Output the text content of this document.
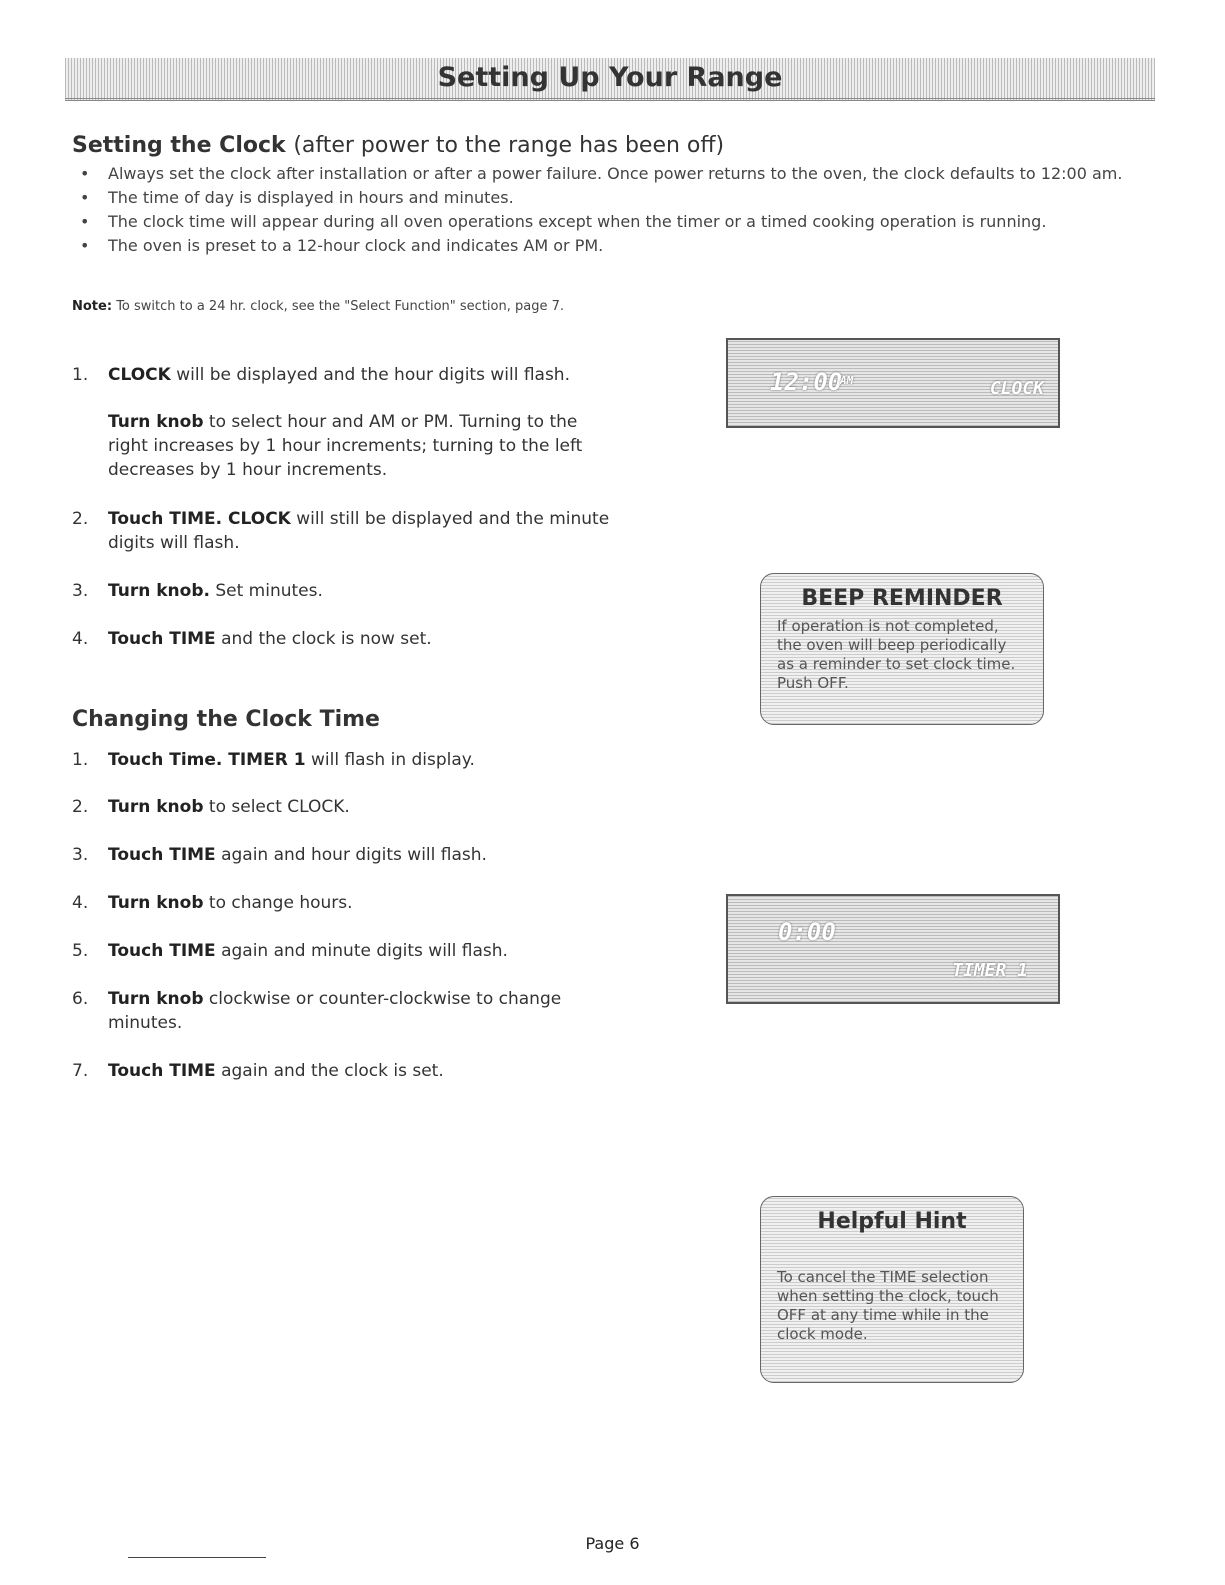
Setting Up Your Range
Setting the Clock (after power to the range has been off)
• Always set the clock after installation or after a power failure. Once power returns to the oven, the clock defaults to 12:00 am.
• The time of day is displayed in hours and minutes.
• The clock time will appear during all oven operations except when the timer or a timed cooking operation is running.
• The oven is preset to a 12-hour clock and indicates AM or PM.
Note: To switch to a 24 hr. clock, see the "Select Function" section, page 7.
1. CLOCK will be displayed and the hour digits will flash.
Turn knob to select hour and AM or PM. Turning to the right increases by 1 hour increments; turning to the left decreases by 1 hour increments.
2. Touch TIME. CLOCK will still be displayed and the minute digits will flash.
3. Turn knob. Set minutes.
4. Touch TIME and the clock is now set.
Changing the Clock Time
1. Touch Time. TIMER 1 will flash in display.
2. Turn knob to select CLOCK.
3. Touch TIME again and hour digits will flash.
4. Turn knob to change hours.
5. Touch TIME again and minute digits will flash.
6. Turn knob clockwise or counter-clockwise to change minutes.
7. Touch TIME again and the clock is set.
12:00
AM	CLOCK
0:00
TIMER 1
BEEP REMINDER
If operation is not completed, the oven will beep periodically as a reminder to set clock time. Push OFF.
Helpful Hint
To cancel the TIME selection when setting the clock, touch OFF at any time while in the clock mode.
Page 6
